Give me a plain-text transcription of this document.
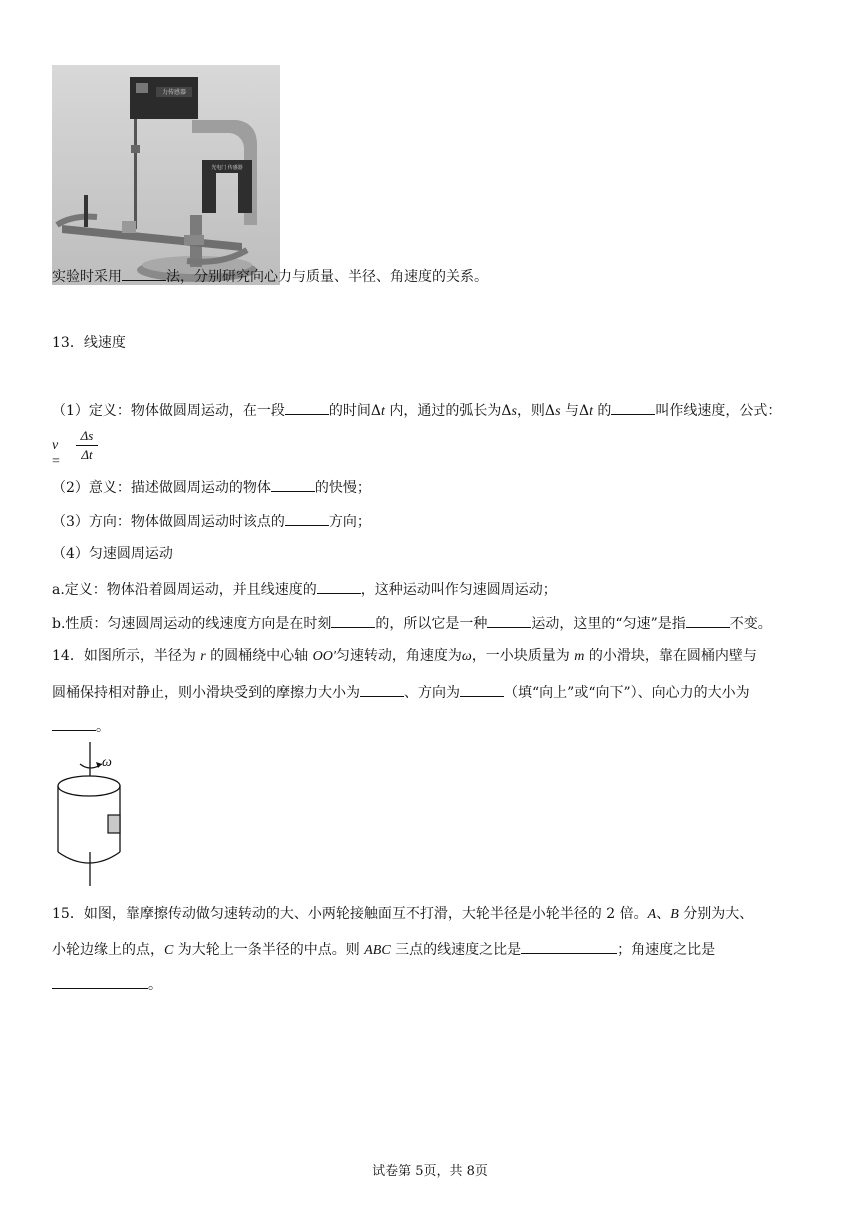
力传感器
光电门 传感器
实验时采用	法，分别研究向心力与质量、半径、角速度的关系。
13．线速度
（1）定义：物体做圆周运动，在一段	的时间Δt 内，通过的弧长为Δs，则Δs 与Δt 的	叫作线速度，公式：
v =
Δs
Δt
（2）意义：描述做圆周运动的物体	的快慢；
（3）方向：物体做圆周运动时该点的	方向；
（4）匀速圆周运动
a.定义：物体沿着圆周运动，并且线速度的	，这种运动叫作匀速圆周运动；
b.性质：匀速圆周运动的线速度方向是在时刻	的，所以它是一种	运动，这里的“匀速”是指	不变。
14．如图所示，半径为 r 的圆桶绕中心轴 OO′匀速转动，角速度为ω，一小块质量为 m 的小滑块，靠在圆桶内壁与
圆桶保持相对静止，则小滑块受到的摩擦力大小为	、方向为	（填“向上”或“向下”）、向心力的大小为
。
ω
15．如图，靠摩擦传动做匀速转动的大、小两轮接触面互不打滑，大轮半径是小轮半径的 2 倍。A、B 分别为大、
小轮边缘上的点，C 为大轮上一条半径的中点。则 ABC 三点的线速度之比是	；角速度之比是
。
试卷第 5页，共 8页
